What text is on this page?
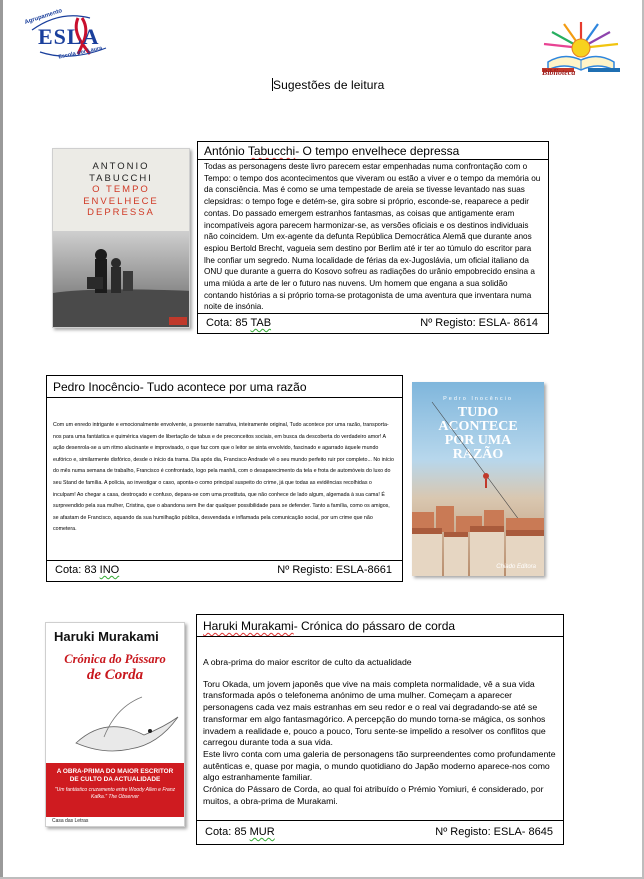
Agrupamento
ESLA
Escola por Laura
Biblioteca
Sugestões de leitura
ANTONIO
TABUCCHI
O TEMPO
ENVELHECE
DEPRESSA
António Tabucchi- O tempo envelhece depressa
Todas as personagens deste livro parecem estar empenhadas numa confrontação com o Tempo: o tempo dos acontecimentos que viveram ou estão a viver e o tempo da memória ou da consciência. Mas é como se uma tempestade de areia se tivesse levantado nas suas clepsidras: o tempo foge e detém-se, gira sobre si próprio, esconde-se, reaparece a pedir contas. Do passado emergem estranhos fantasmas, as coisas que antigamente eram incompatíveis agora parecem harmonizar-se, as versões oficiais e os destinos individuais não coincidem. Um ex-agente da defunta República Democrática Alemã que durante anos espiou Bertold Brecht, vagueia sem destino por Berlim até ir ter ao túmulo do escritor para lhe confiar um segredo. Numa localidade de férias da ex-Jugoslávia, um oficial italiano da ONU que durante a guerra do Kosovo sofreu as radiações do urânio empobrecido ensina a uma miúda a arte de ler o futuro nas nuvens. Um homem que engana a sua solidão contando histórias a si próprio torna-se protagonista de uma aventura que inventara numa noite de insónia.
Cota: 85 TAB	Nº Registo: ESLA- 8614
Pedro Inocêncio- Tudo acontece por uma razão
Com um enredo intrigante e emocionalmente envolvente, a presente narrativa, inteiramente original, Tudo acontece por uma razão, transporta-nos para uma fantástica e quimérica viagem de libertação de tabus e de preconceitos sociais, em busca da descoberta do verdadeiro amor! A ação desenrola-se a um ritmo alucinante e improvisado, o que faz com que o leitor se sinta envolvido, fascinado e agarrado àquele mundo eufórico e, similarmente disfórico, desde o início da trama. Dia após dia, Francisco Andrade vê o seu mundo perfeito ruir por completo... No início do mês numa semana de trabalho, Francisco é confrontado, logo pela manhã, com o desaparecimento da tela e frota de automóveis do luxo do seu Stand de família. A polícia, ao investigar o caso, aponta-o como principal suspeito do crime, já que todas as evidências recolhidas o inculpam! Ao chegar a casa, destroçado e confuso, depara-se com uma prostituta, que não conhece de lado algum, algemada à sua cama! É surpreendido pela sua mulher, Cristina, que o abandona sem lhe dar qualquer possibilidade para se defender. Tanto a família, como os amigos, se afastam de Francisco, aquando da sua humilhação pública, desvendada e inflamada pela comunicação social, por um crime que não cometera.
Cota: 83 INO	Nº Registo: ESLA-8661
Pedro Inocêncio
TUDO
ACONTECE
POR UMA
RAZÃO
Chiado Editora
Haruki Murakami
Crónica do Pássaro
de Corda
A OBRA-PRIMA DO MAIOR ESCRITOR DE CULTO DA ACTUALIDADE
"Um fantástico cruzamento entre Woody Allen e Franz Kafka." The Observer
Casa das Letras
Haruki Murakami- Crónica do pássaro de corda

A obra-prima do maior escritor de culto da actualidade

Toru Okada, um jovem japonês que vive na mais completa normalidade, vê a sua vida transformada após o telefonema anónimo de uma mulher. Começam a aparecer personagens cada vez mais estranhas em seu redor e o real vai degradando-se até se transformar em algo fantasmagórico. A percepção do mundo torna-se mágica, os sonhos invadem a realidade e, pouco a pouco, Toru sente-se impelido a resolver os conflitos que carregou durante toda a sua vida.

Este livro conta com uma galeria de personagens tão surpreendentes como profundamente autênticas e, quase por magia, o mundo quotidiano do Japão moderno aparece-nos como algo estranhamente familiar.

Crónica do Pássaro de Corda, ao qual foi atribuído o Prémio Yomiuri, é considerado, por muitos, a obra-prima de Murakami.

Cota: 85 MUR	Nº Registo: ESLA- 8645
